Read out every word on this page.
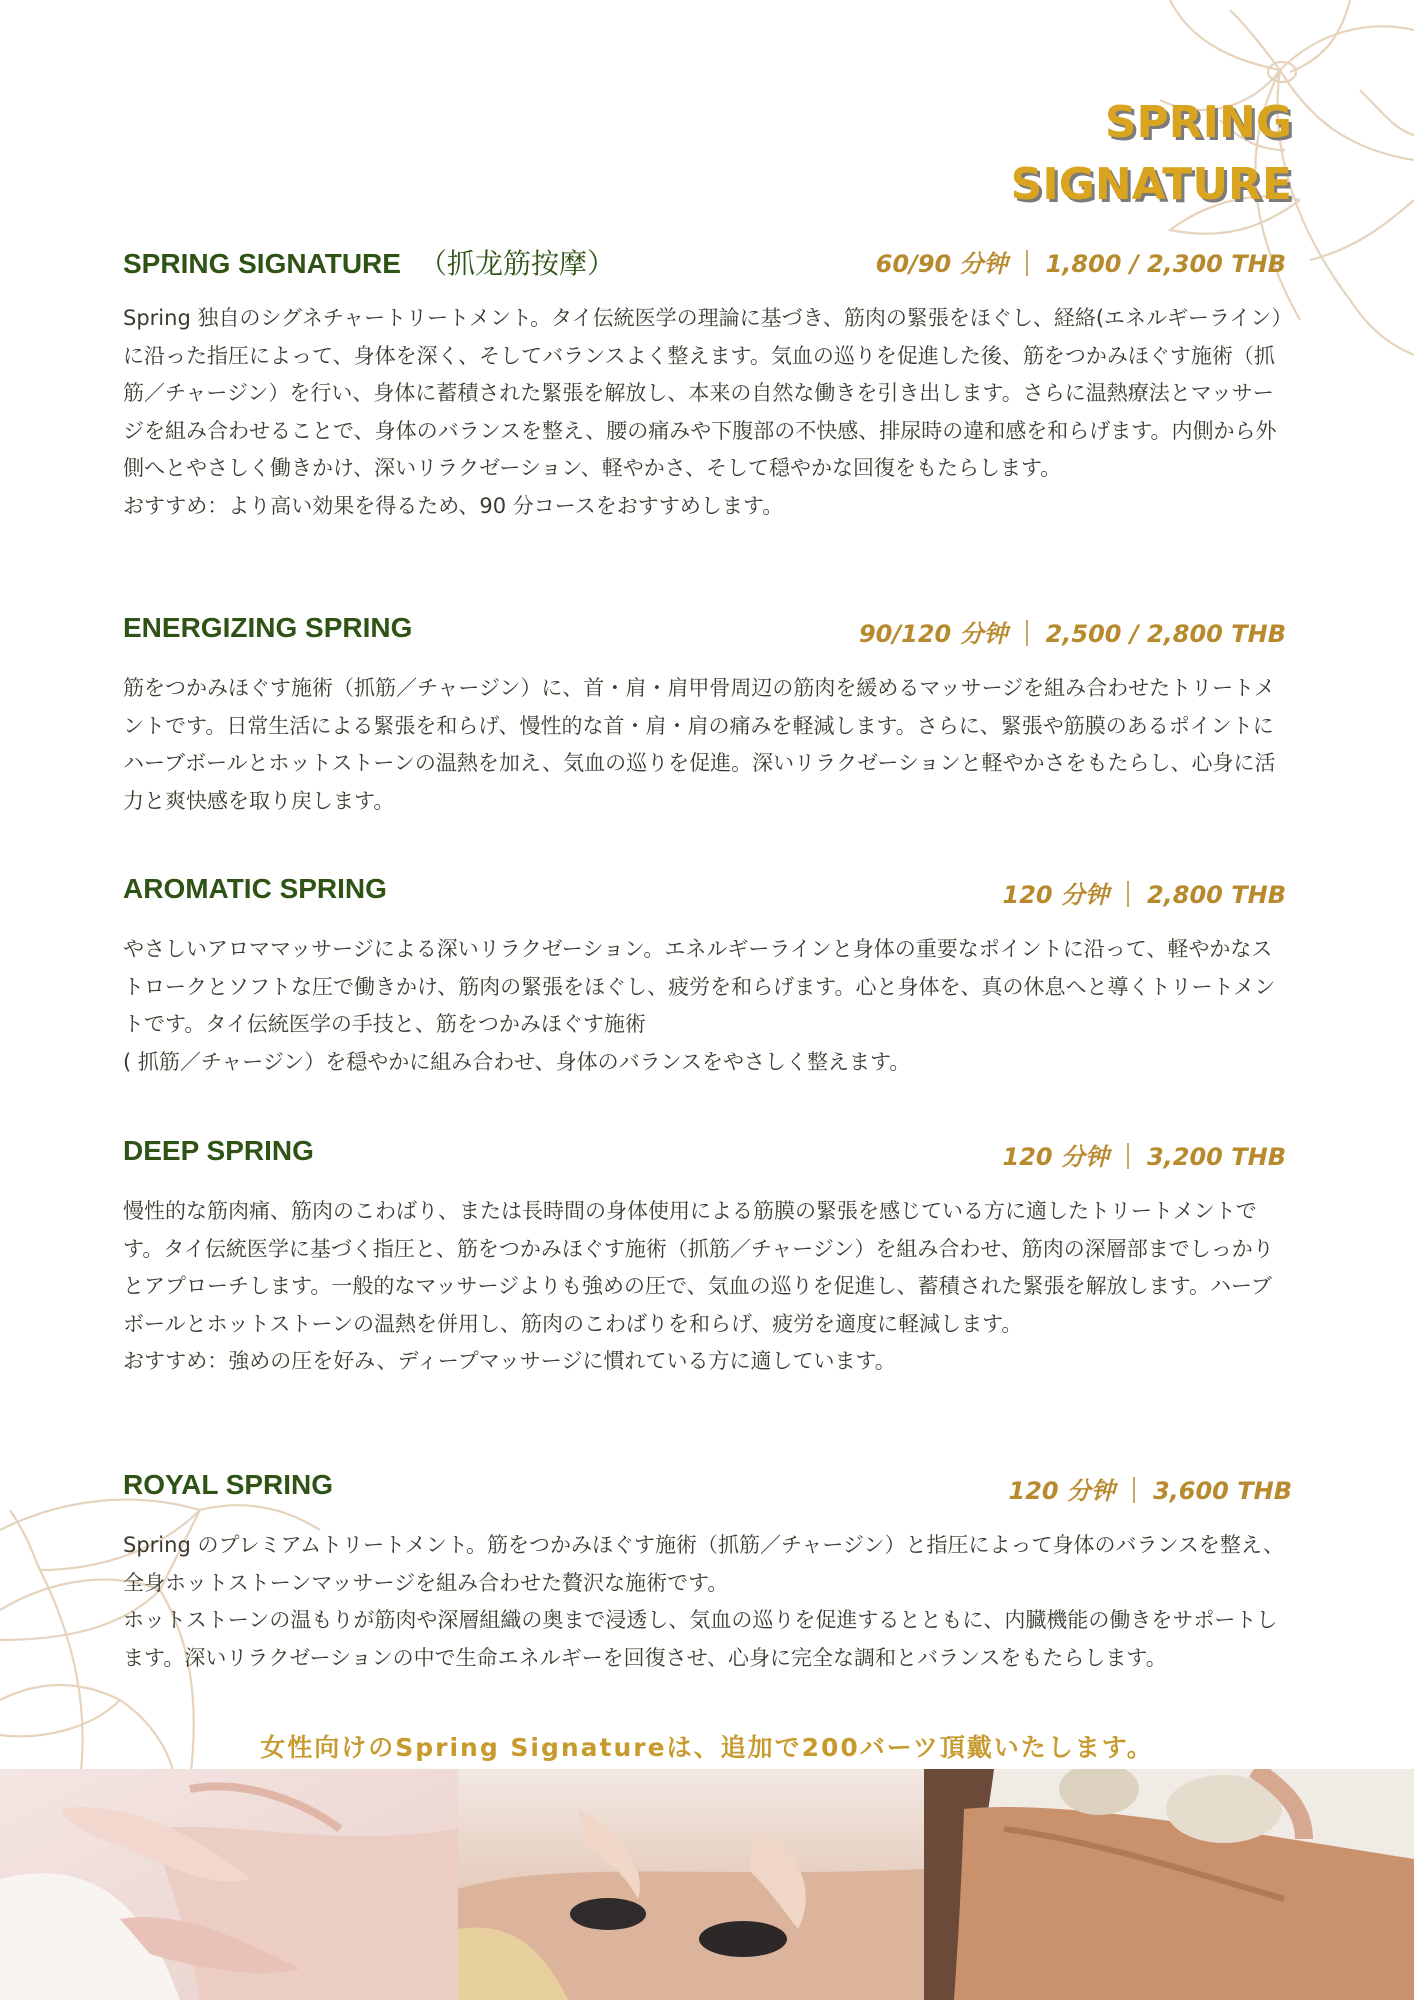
SPRING
SIGNATURE
SPRING SIGNATURE （抓龙筋按摩）	60/90 分钟 1,800 / 2,300 THB

Spring 独自のシグネチャートリートメント。タイ伝統医学の理論に基づき、筋肉の緊張をほぐし、経絡(エネルギーライン）に沿った指圧によって、身体を深く、そしてバランスよく整えます。気血の巡りを促進した後、筋をつかみほぐす施術（抓筋／チャージン）を行い、身体に蓄積された緊張を解放し、本来の自然な働きを引き出します。さらに温熱療法とマッサージを組み合わせることで、身体のバランスを整え、腰の痛みや下腹部の不快感、排尿時の違和感を和らげます。内側から外側へとやさしく働きかけ、深いリラクゼーション、軽やかさ、そして穏やかな回復をもたらします。

おすすめ：より高い効果を得るため、90 分コースをおすすめします。

ENERGIZING SPRING	90/120 分钟 2,500 / 2,800 THB

筋をつかみほぐす施術（抓筋／チャージン）に、首・肩・肩甲骨周辺の筋肉を緩めるマッサージを組み合わせたトリートメントです。日常生活による緊張を和らげ、慢性的な首・肩・肩の痛みを軽減します。さらに、緊張や筋膜のあるポイントにハーブボールとホットストーンの温熱を加え、気血の巡りを促進。深いリラクゼーションと軽やかさをもたらし、心身に活力と爽快感を取り戻します。

AROMATIC SPRING	120 分钟 2,800 THB

やさしいアロママッサージによる深いリラクゼーション。エネルギーラインと身体の重要なポイントに沿って、軽やかなストロークとソフトな圧で働きかけ、筋肉の緊張をほぐし、疲労を和らげます。心と身体を、真の休息へと導くトリートメントです。タイ伝統医学の手技と、筋をつかみほぐす施術

( 抓筋／チャージン）を穏やかに組み合わせ、身体のバランスをやさしく整えます。

DEEP SPRING	120 分钟 3,200 THB

慢性的な筋肉痛、筋肉のこわばり、または長時間の身体使用による筋膜の緊張を感じている方に適したトリートメントです。タイ伝統医学に基づく指圧と、筋をつかみほぐす施術（抓筋／チャージン）を組み合わせ、筋肉の深層部までしっかりとアプローチします。一般的なマッサージよりも強めの圧で、気血の巡りを促進し、蓄積された緊張を解放します。ハーブボールとホットストーンの温熱を併用し、筋肉のこわばりを和らげ、疲労を適度に軽減します。

おすすめ：強めの圧を好み、ディープマッサージに慣れている方に適しています。

ROYAL SPRING	120 分钟 3,600 THB

Spring のプレミアムトリートメント。筋をつかみほぐす施術（抓筋／チャージン）と指圧によって身体のバランスを整え、全身ホットストーンマッサージを組み合わせた贅沢な施術です。

ホットストーンの温もりが筋肉や深層組織の奥まで浸透し、気血の巡りを促進するとともに、内臓機能の働きをサポートします。深いリラクゼーションの中で生命エネルギーを回復させ、心身に完全な調和とバランスをもたらします。

女性向けのSpring Signatureは、追加で200バーツ頂戴いたします。
